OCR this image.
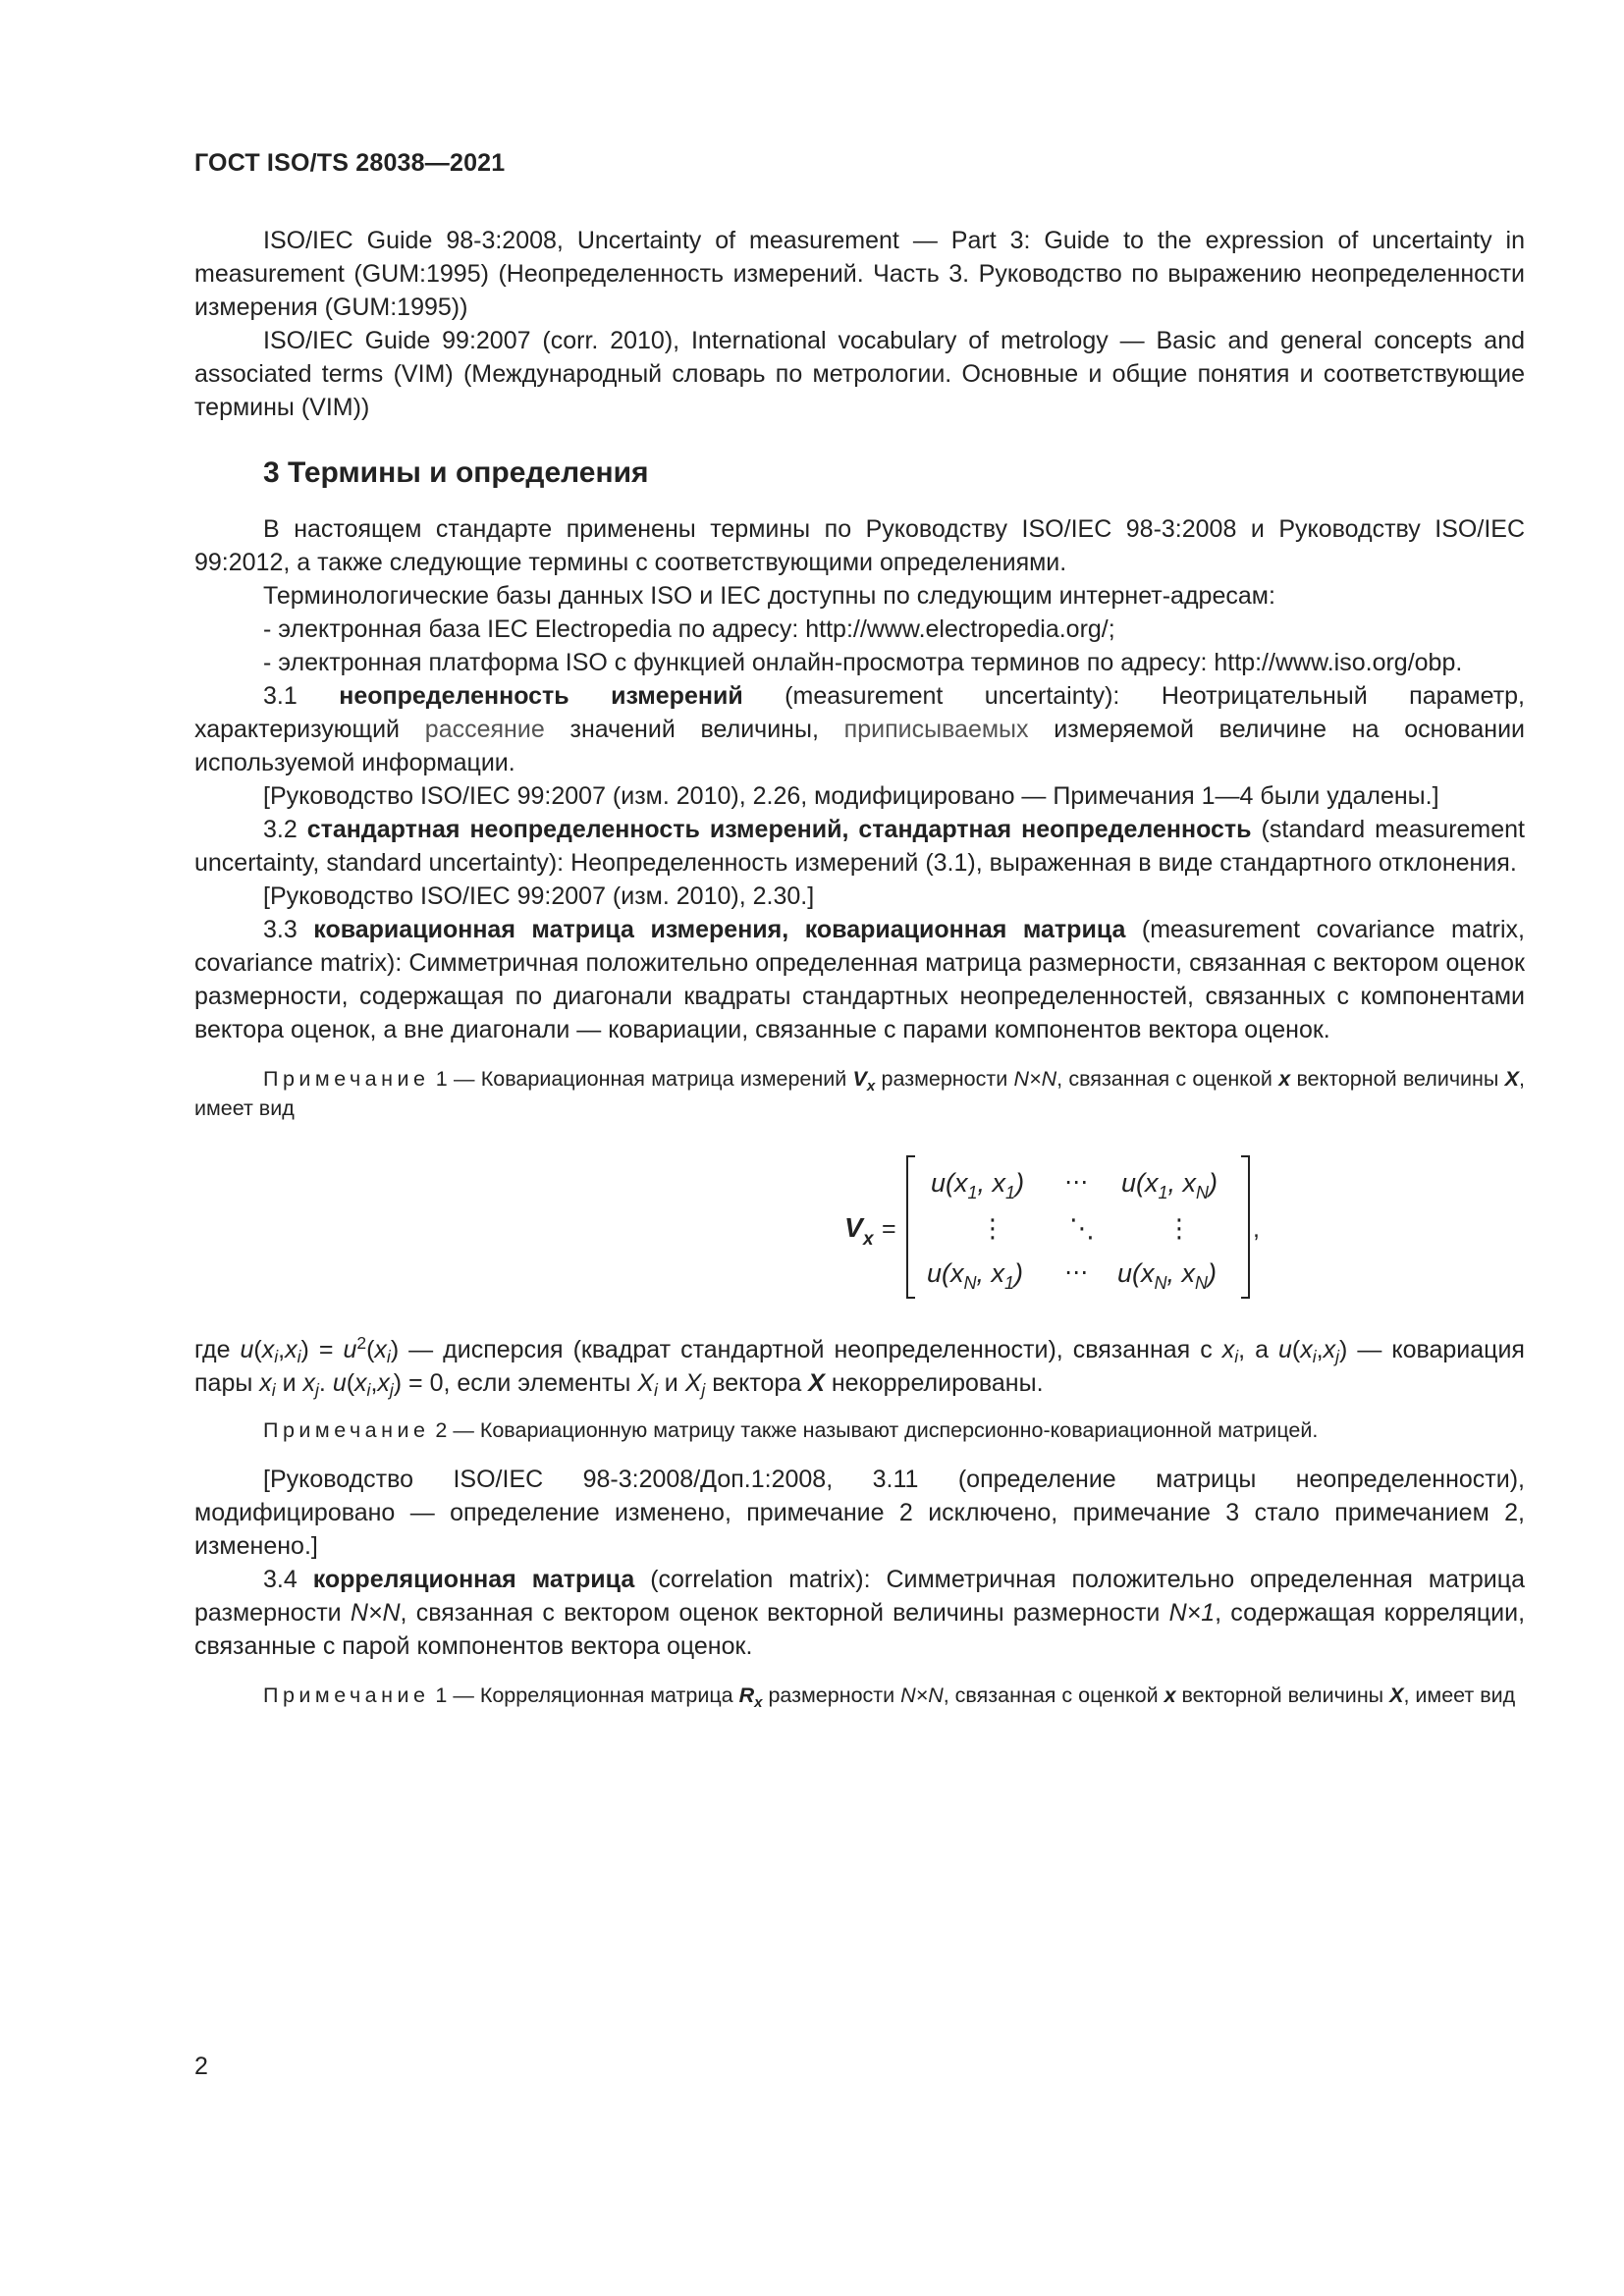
ГОСТ ISO/TS 28038—2021

ISO/IEC Guide 98-3:2008, Uncertainty of measurement — Part 3: Guide to the expression of uncertainty in measurement (GUM:1995) (Неопределенность измерений. Часть 3. Руководство по выражению неопределенности измерения (GUM:1995))

ISO/IEC Guide 99:2007 (corr. 2010), International vocabulary of metrology — Basic and general concepts and associated terms (VIM) (Международный словарь по метрологии. Основные и общие понятия и соответствующие термины (VIM))

3 Термины и определения

В настоящем стандарте применены термины по Руководству ISO/IEC 98-3:2008 и Руководству ISO/IEC 99:2012, а также следующие термины с соответствующими определениями.

Терминологические базы данных ISO и IEC доступны по следующим интернет-адресам:

- электронная база IEC Electropedia по адресу: http://www.electropedia.org/;

- электронная платформа ISO с функцией онлайн-просмотра терминов по адресу: http://www.iso.org/obp.

3.1 неопределенность измерений (measurement uncertainty): Неотрицательный параметр, характеризующий рассеяние значений величины, приписываемых измеряемой величине на основании используемой информации.

[Руководство ISO/IEC 99:2007 (изм. 2010), 2.26, модифицировано — Примечания 1—4 были удалены.]

3.2 стандартная неопределенность измерений, стандартная неопределенность (standard measurement uncertainty, standard uncertainty): Неопределенность измерений (3.1), выраженная в виде стандартного отклонения.

[Руководство ISO/IEC 99:2007 (изм. 2010), 2.30.]

3.3 ковариационная матрица измерения, ковариационная матрица (measurement covariance matrix, covariance matrix): Симметричная положительно определенная матрица размерности, связанная с вектором оценок размерности, содержащая по диагонали квадраты стандартных неопределенностей, связанных с компонентами вектора оценок, а вне диагонали — ковариации, связанные с парами компонентов вектора оценок.

Примечание 1 — Ковариационная матрица измерений $V_x$ размерности N×N, связанная с оценкой x векторной величины X, имеет вид
V x =
$u(x_1$, $x_1$) ⋯ $u(x_1$, $x_N$)
⋮	⋱	⋮
$u(x_N$, $x_1$) ⋯ $u(x_N$, $x_N$)
,

где $u(x_i,x_i) = u^2(x_i)$ — дисперсия (квадрат стандартной неопределенности), связанная с $x_i$, а $u(x_i,x_j)$ — ковариация пары $x_i$ и $x_j$. $u(x_i,x_j) = 0$, если элементы $X_i$ и $X_j$ вектора X некоррелированы.

Примечание 2 — Ковариационную матрицу также называют дисперсионно-ковариационной матрицей.

[Руководство ISO/IEC 98-3:2008/Доп.1:2008, 3.11 (определение матрицы неопределенности), модифицировано — определение изменено, примечание 2 исключено, примечание 3 стало примечанием 2, изменено.]

3.4 корреляционная матрица (correlation matrix): Симметричная положительно определенная матрица размерности N×N, связанная с вектором оценок векторной величины размерности N×1, содержащая корреляции, связанные с парой компонентов вектора оценок.

Примечание 1 — Корреляционная матрица $R_x$ размерности N×N, связанная с оценкой x векторной величины X, имеет вид
2
